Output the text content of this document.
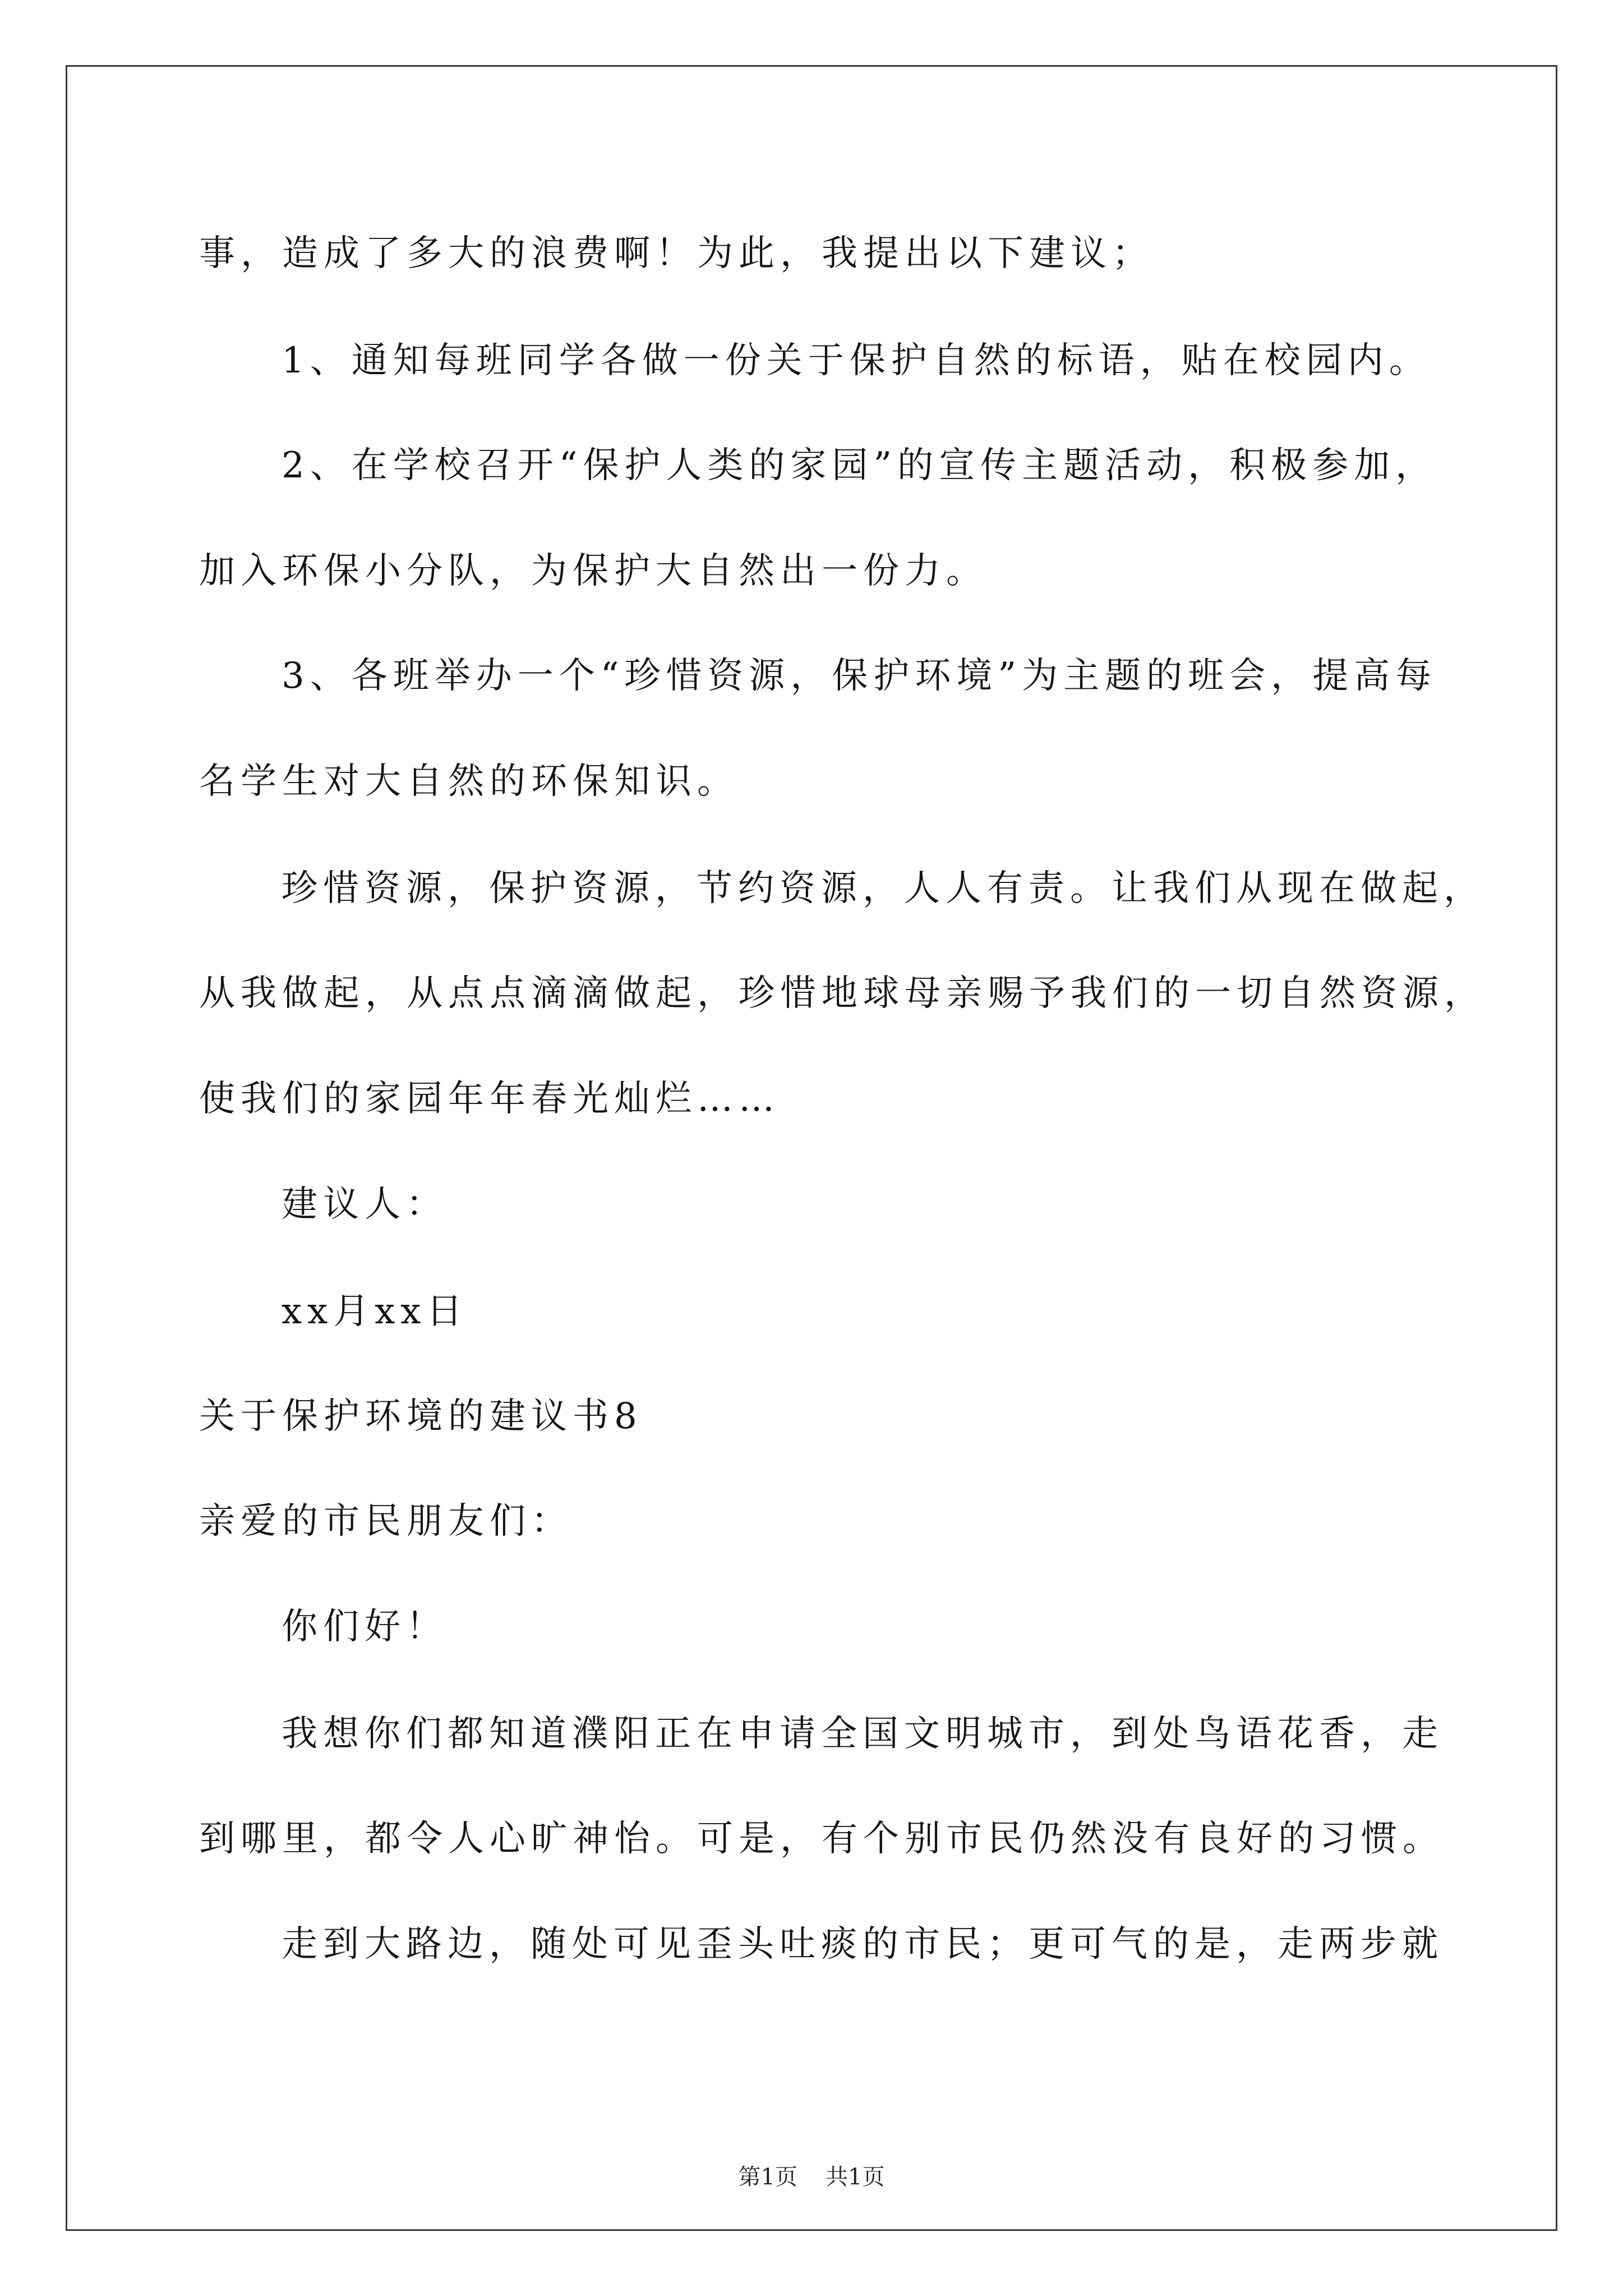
事，造成了多大的浪费啊！为此，我提出以下建议；
1、通知每班同学各做一份关于保护自然的标语，贴在校园内。
2、在学校召开“保护人类的家园”的宣传主题活动，积极参加，
加入环保小分队，为保护大自然出一份力。
3、各班举办一个“珍惜资源，保护环境”为主题的班会，提高每
名学生对大自然的环保知识。
珍惜资源，保护资源，节约资源，人人有责。让我们从现在做起，
从我做起，从点点滴滴做起，珍惜地球母亲赐予我们的一切自然资源，
使我们的家园年年春光灿烂……
建议人：
xx月xx日
关于保护环境的建议书8
亲爱的市民朋友们：
你们好！
我想你们都知道濮阳正在申请全国文明城市，到处鸟语花香，走
到哪里，都令人心旷神怡。可是，有个别市民仍然没有良好的习惯。
走到大路边，随处可见歪头吐痰的市民；更可气的是，走两步就
第1页 共1页
